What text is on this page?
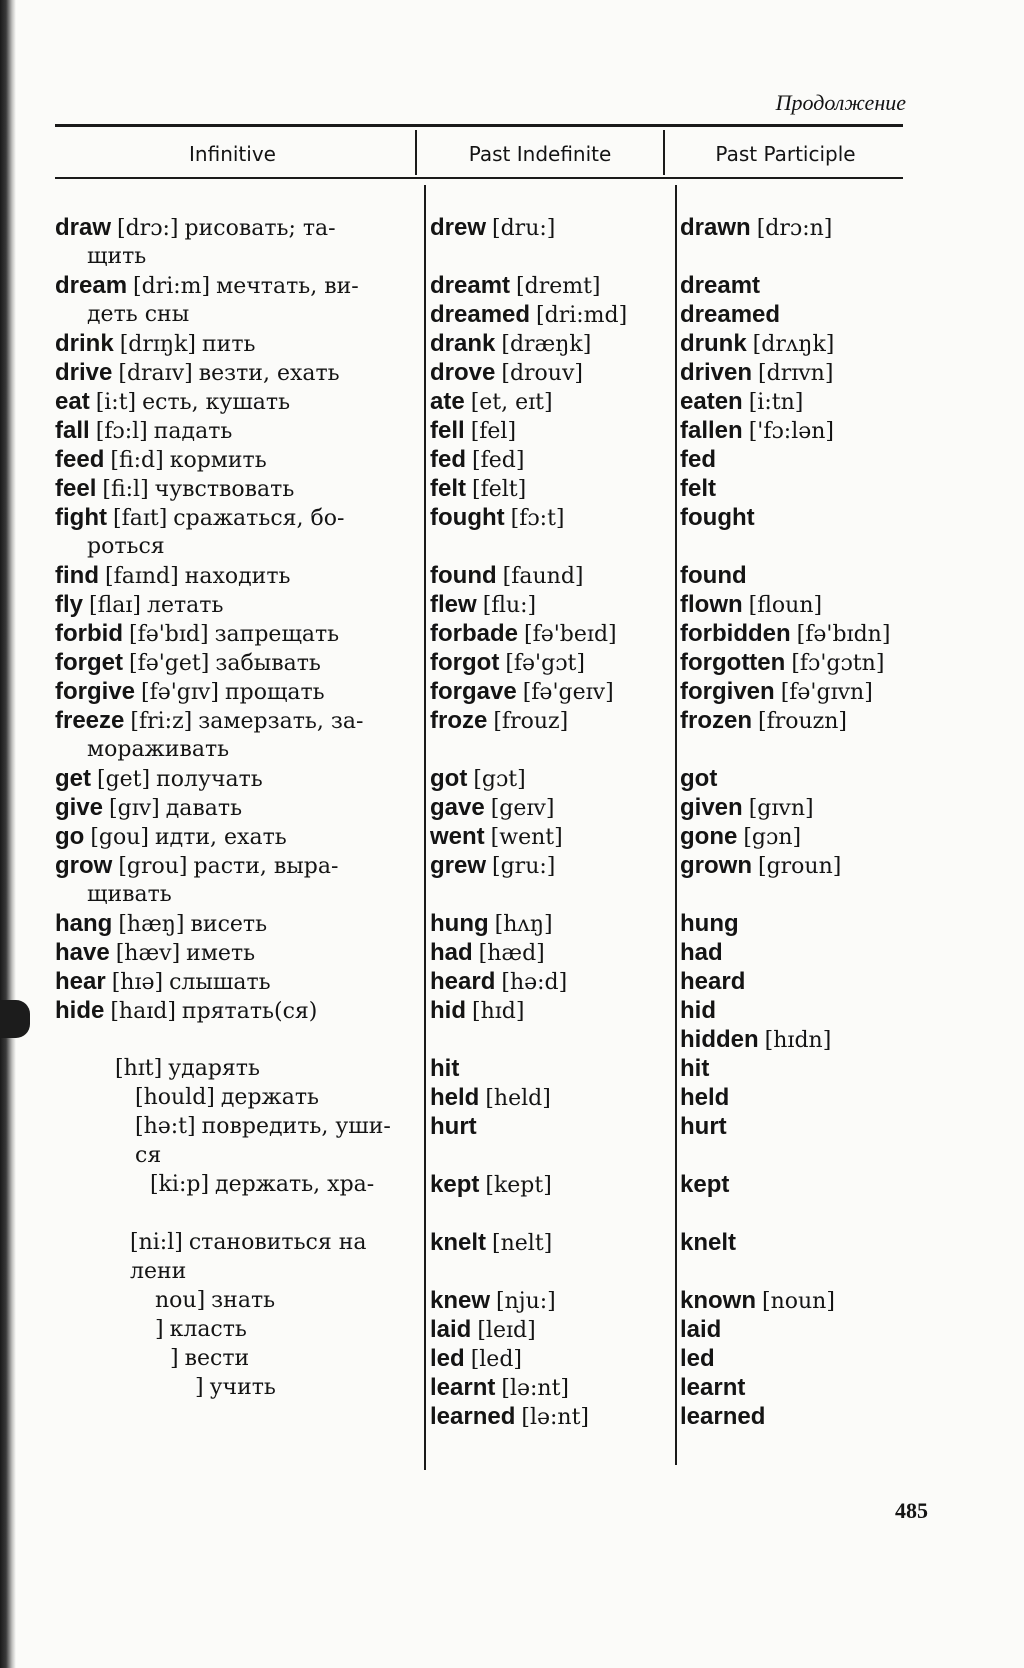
Продолжение
Infinitive	Past Indefinite	Past Participle
draw [drɔ:] рисовать; та-
щить
dream [dri:m] мечтать, ви-
деть сны
drink [drɪŋk] пить
drive [draɪv] везти, ехать
eat [i:t] есть, кушать
fall [fɔ:l] падать
feed [fi:d] кормить
feel [fi:l] чувствовать
fight [faɪt] сражаться, бо-
роться
find [faɪnd] находить
fly [flaɪ] летать
forbid [fə'bɪd] запрещать
forget [fə'get] забывать
forgive [fə'gɪv] прощать
freeze [fri:z] замерзать, за-
мораживать
get [get] получать
give [gɪv] давать
go [gou] идти, ехать
grow [grou] расти, выра-
щивать
hang [hæŋ] висеть
have [hæv] иметь
hear [hɪə] слышать
hide [haɪd] прятать(ся)
[hɪt] ударять
[hould] держать
[hə:t] повредить, уши-
ся
[ki:p] держать, хра-
[ni:l] становиться на
лени
nou] знать
] класть
] вести
] учить
drew [dru:]
dreamt [dremt]
dreamed [dri:md]
drank [dræŋk]
drove [drouv]
ate [et, eɪt]
fell [fel]
fed [fed]
felt [felt]
fought [fɔ:t]
found [faund]
flew [flu:]
forbade [fə'beɪd]
forgot [fə'gɔt]
forgave [fə'geɪv]
froze [frouz]
got [gɔt]
gave [geɪv]
went [went]
grew [gru:]
hung [hʌŋ]
had [hæd]
heard [hə:d]
hid [hɪd]
hit
held [held]
hurt
kept [kept]
knelt [nelt]
knew [nju:]
laid [leɪd]
led [led]
learnt [lə:nt]
learned [lə:nt]
drawn [drɔ:n]
dreamt
dreamed
drunk [drʌŋk]
driven [drɪvn]
eaten [i:tn]
fallen ['fɔ:lən]
fed
felt
fought
found
flown [floun]
forbidden [fə'bɪdn]
forgotten [fɔ'gɔtn]
forgiven [fə'gɪvn]
frozen [frouzn]
got
given [gɪvn]
gone [gɔn]
grown [groun]
hung
had
heard
hid
hidden [hɪdn]
hit
held
hurt
kept
knelt
known [noun]
laid
led
learnt
learned
485
